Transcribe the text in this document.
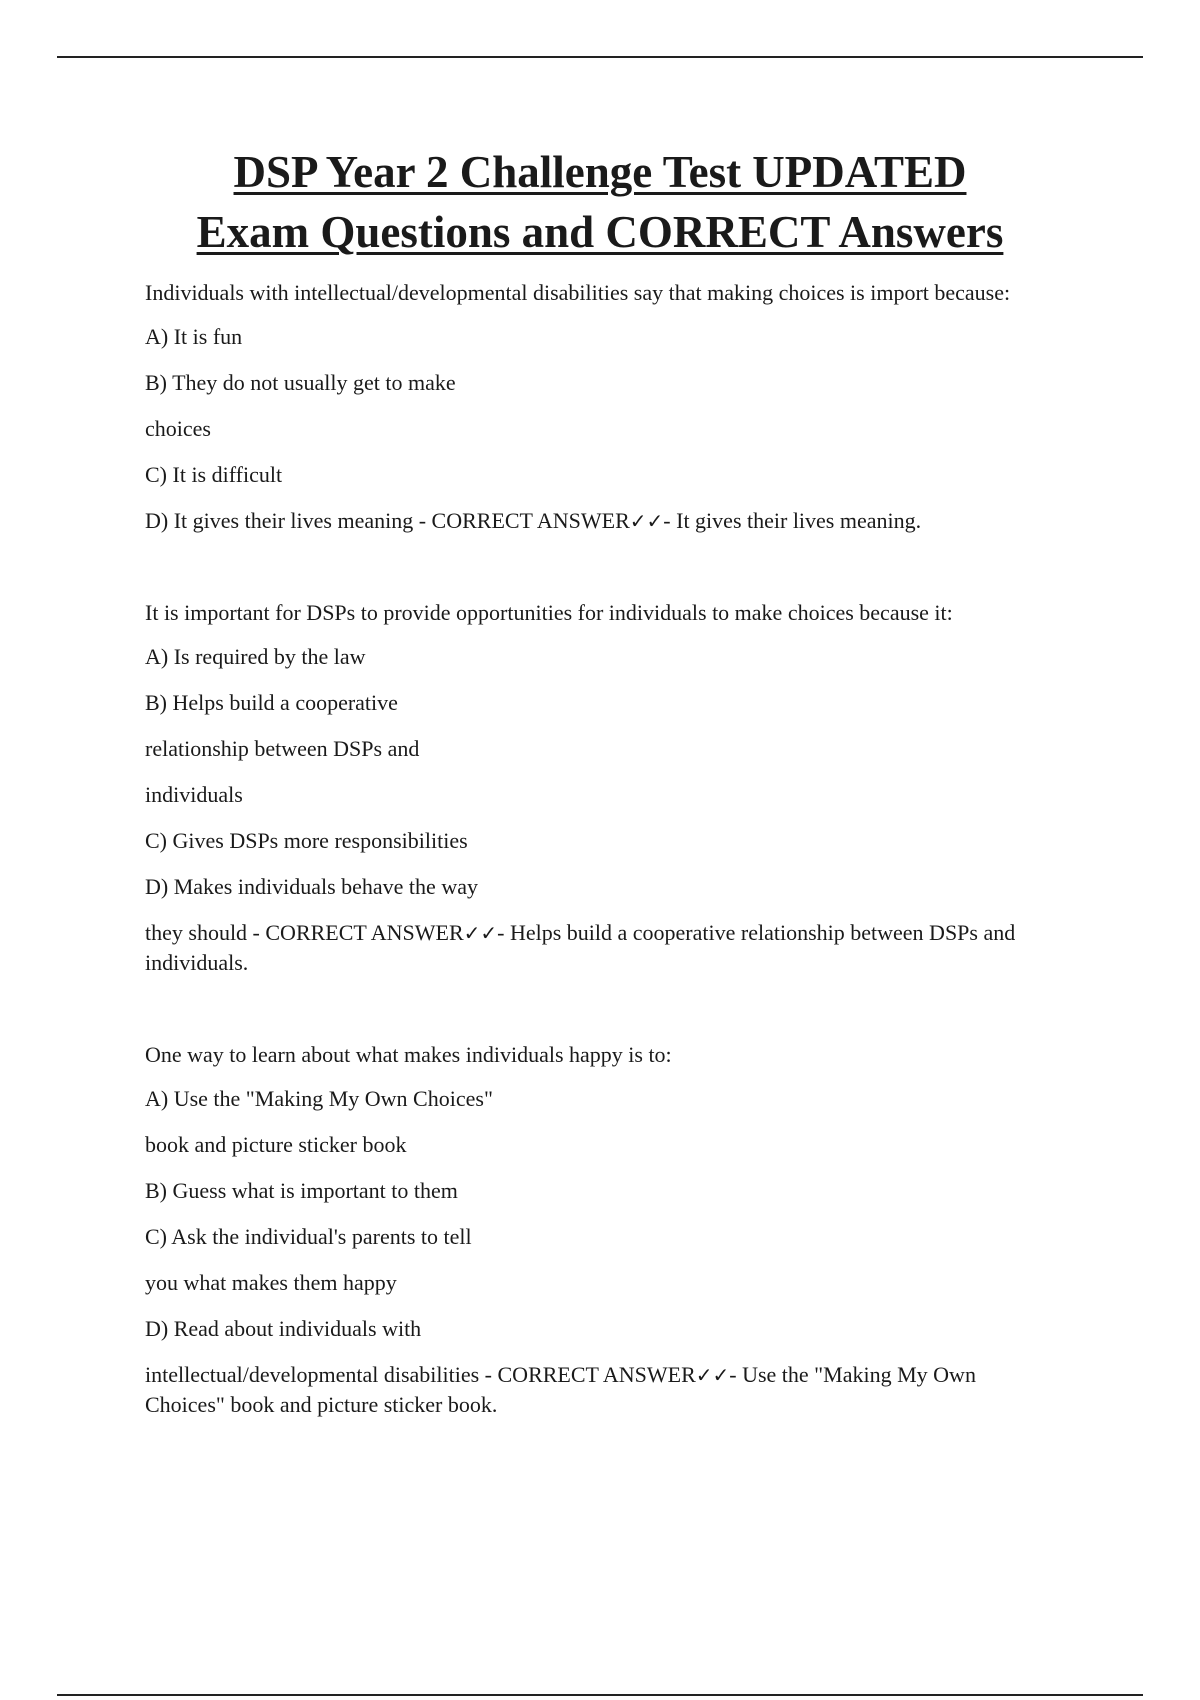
DSP Year 2 Challenge Test UPDATED
Exam Questions and CORRECT Answers

Individuals with intellectual/developmental disabilities say that making choices is import because:

A) It is fun

B) They do not usually get to make

choices

C) It is difficult

D) It gives their lives meaning - CORRECT ANSWER✓✓- It gives their lives meaning.

It is important for DSPs to provide opportunities for individuals to make choices because it:

A) Is required by the law

B) Helps build a cooperative

relationship between DSPs and

individuals

C) Gives DSPs more responsibilities

D) Makes individuals behave the way

they should - CORRECT ANSWER✓✓- Helps build a cooperative relationship between DSPs and individuals.

One way to learn about what makes individuals happy is to:

A) Use the "Making My Own Choices"

book and picture sticker book

B) Guess what is important to them

C) Ask the individual's parents to tell

you what makes them happy

D) Read about individuals with

intellectual/developmental disabilities - CORRECT ANSWER✓✓- Use the "Making My Own Choices" book and picture sticker book.
